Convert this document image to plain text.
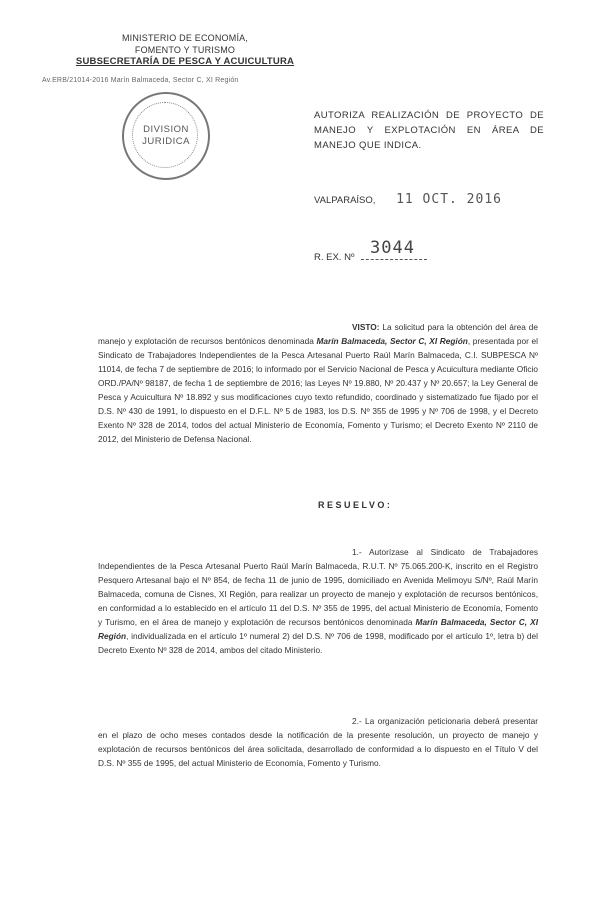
MINISTERIO DE ECONOMÍA,
FOMENTO Y TURISMO
SUBSECRETARÍA DE PESCA Y ACUICULTURA
Av.ERB/21014-2016 Marín Balmaceda, Sector C, XI Región
DIVISION
JURIDICA
AUTORIZA REALIZACIÓN DE PROYECTO DE MANEJO Y EXPLOTACIÓN EN ÁREA DE MANEJO QUE INDICA.
VALPARAÍSO, 11 OCT. 2016
R. EX. Nº 3044

VISTO: La solicitud para la obtención del área de manejo y explotación de recursos bentónicos denominada Marín Balmaceda, Sector C, XI Región, presentada por el Sindicato de Trabajadores Independientes de la Pesca Artesanal Puerto Raúl Marín Balmaceda, C.I. SUBPESCA Nº 11014, de fecha 7 de septiembre de 2016; lo informado por el Servicio Nacional de Pesca y Acuicultura mediante Oficio ORD./PA/Nº 98187, de fecha 1 de septiembre de 2016; las Leyes Nº 19.880, Nº 20.437 y Nº 20.657; la Ley General de Pesca y Acuicultura Nº 18.892 y sus modificaciones cuyo texto refundido, coordinado y sistematizado fue fijado por el D.S. Nº 430 de 1991, lo dispuesto en el D.F.L. Nº 5 de 1983, los D.S. Nº 355 de 1995 y Nº 706 de 1998, y el Decreto Exento Nº 328 de 2014, todos del actual Ministerio de Economía, Fomento y Turismo; el Decreto Exento Nº 2110 de 2012, del Ministerio de Defensa Nacional.

RESUELVO:

1.- Autorízase al Sindicato de Trabajadores Independientes de la Pesca Artesanal Puerto Raúl Marín Balmaceda, R.U.T. Nº 75.065.200-K, inscrito en el Registro Pesquero Artesanal bajo el Nº 854, de fecha 11 de junio de 1995, domiciliado en Avenida Melimoyu S/Nº, Raúl Marín Balmaceda, comuna de Cisnes, XI Región, para realizar un proyecto de manejo y explotación de recursos bentónicos, en conformidad a lo establecido en el artículo 11 del D.S. Nº 355 de 1995, del actual Ministerio de Economía, Fomento y Turismo, en el área de manejo y explotación de recursos bentónicos denominada Marín Balmaceda, Sector C, XI Región, individualizada en el artículo 1º numeral 2) del D.S. Nº 706 de 1998, modificado por el artículo 1º, letra b) del Decreto Exento Nº 328 de 2014, ambos del citado Ministerio.

2.- La organización peticionaria deberá presentar en el plazo de ocho meses contados desde la notificación de la presente resolución, un proyecto de manejo y explotación de recursos bentónicos del área solicitada, desarrollado de conformidad a lo dispuesto en el Título V del D.S. Nº 355 de 1995, del actual Ministerio de Economía, Fomento y Turismo.
